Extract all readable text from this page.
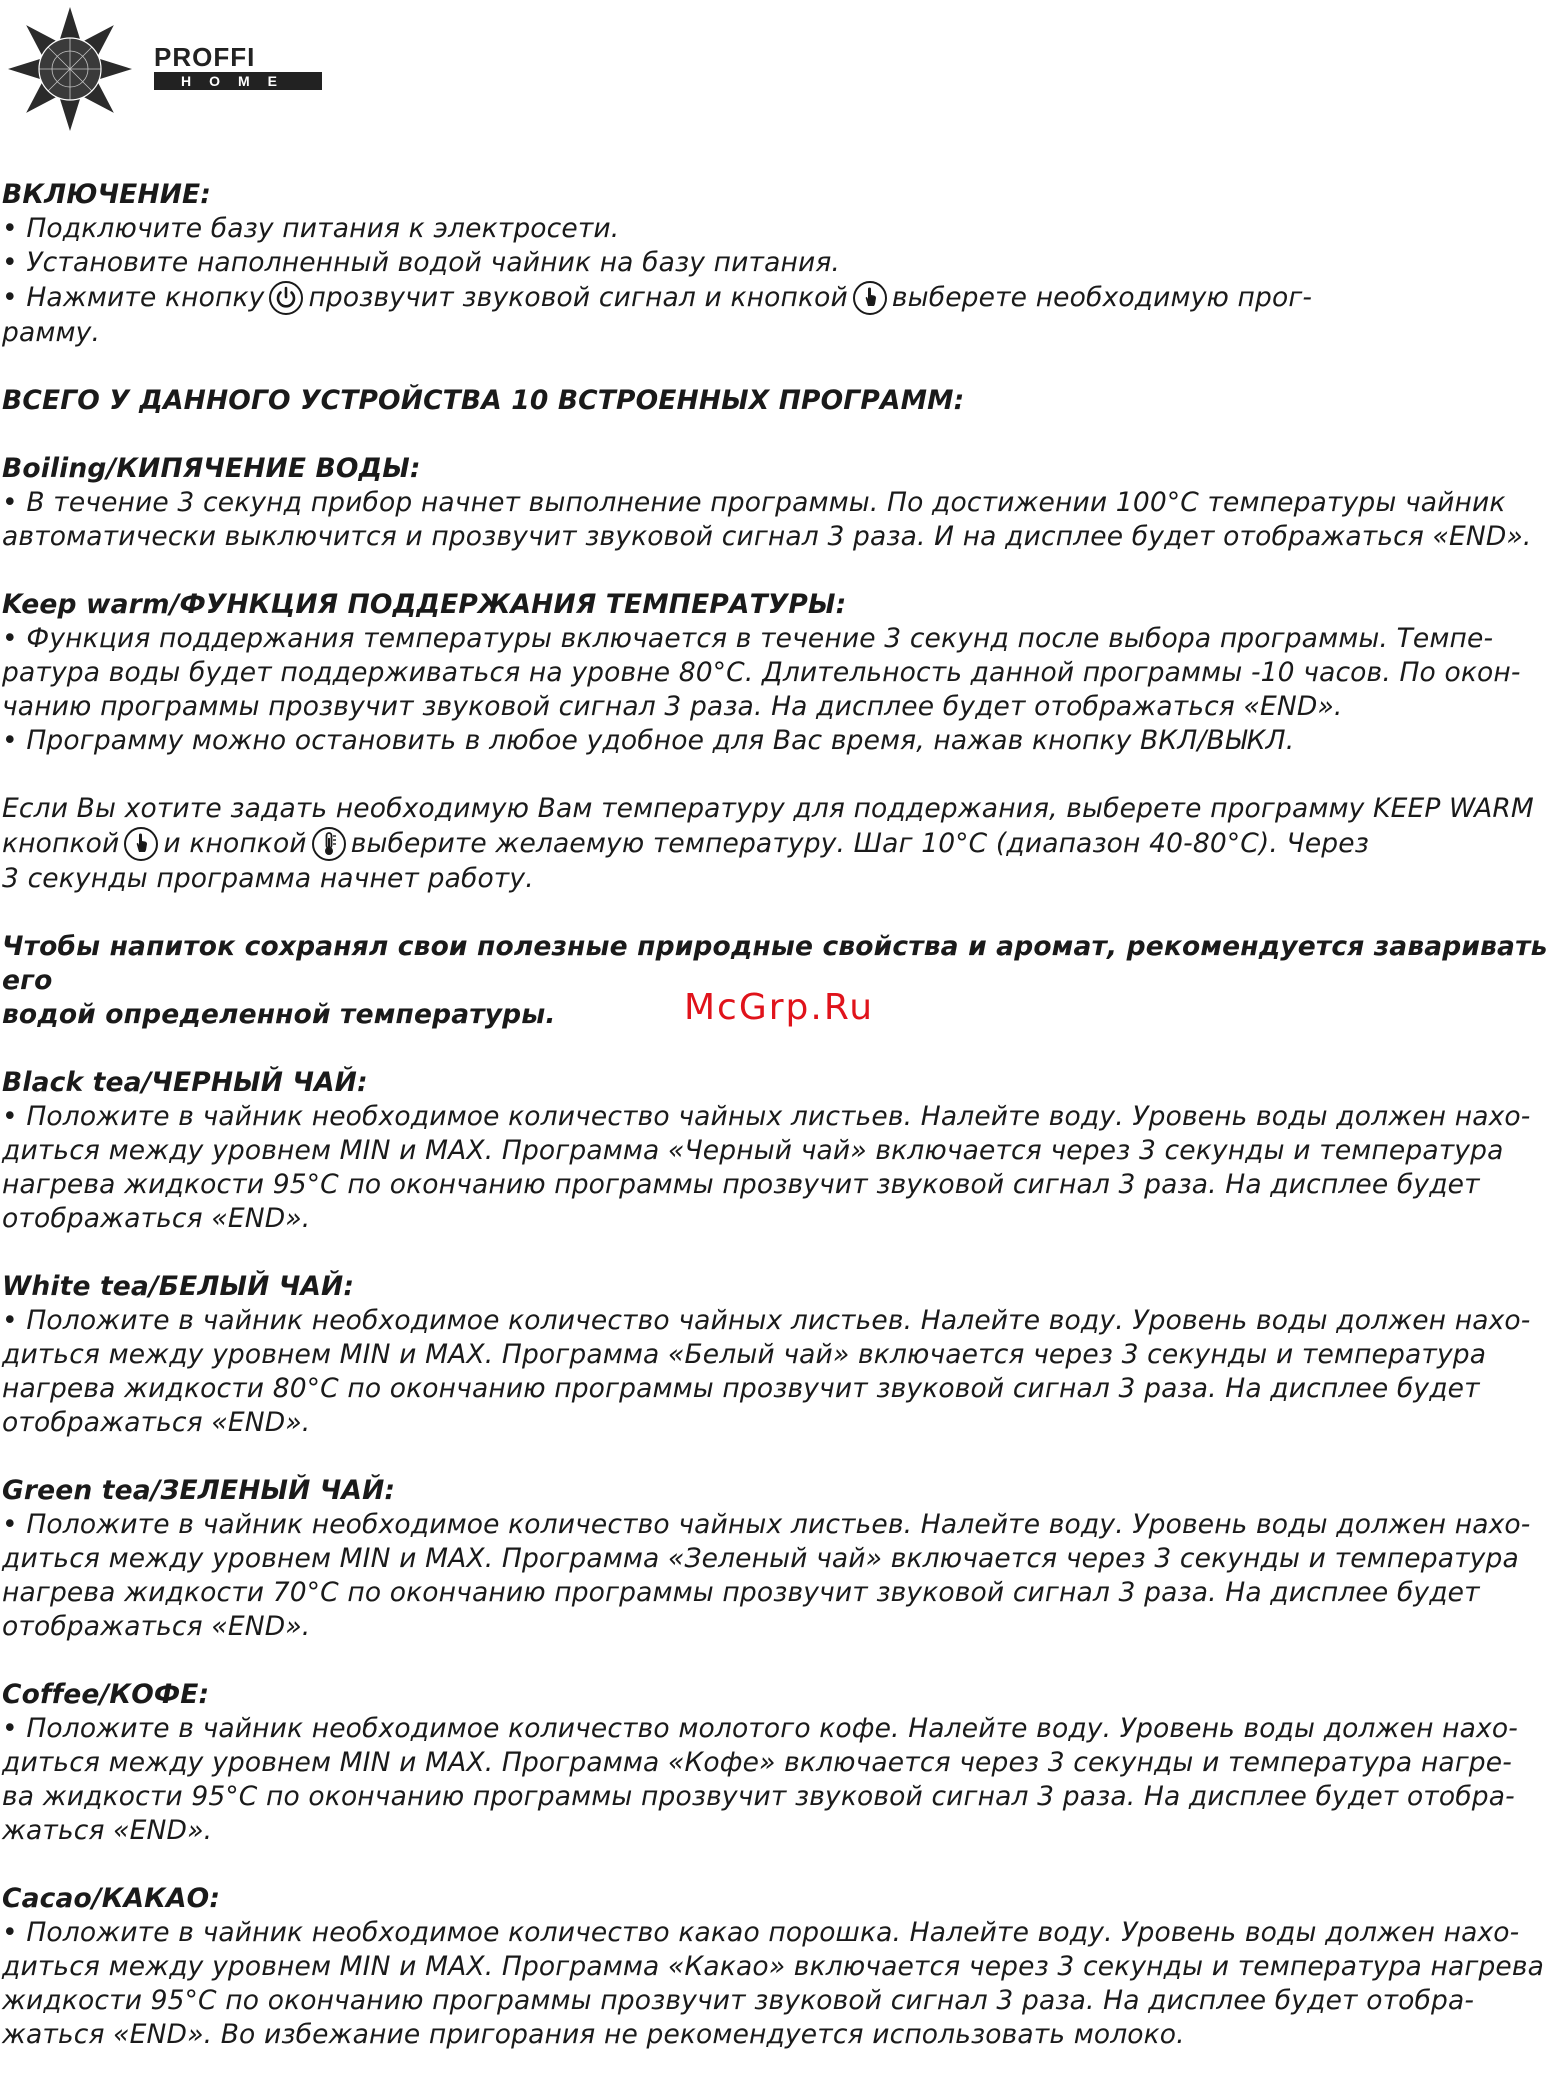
PROFFI
HOME
McGrp.Ru

ВКЛЮЧЕНИЕ:

• Подключите базу питания к электросети.

• Установите наполненный водой чайник на базу питания.

• Нажмите кнопку прозвучит звуковой сигнал и кнопкой выберете необходимую прог-

рамму.

ВСЕГО У ДАННОГО УСТРОЙСТВА 10 ВСТРОЕННЫХ ПРОГРАММ:

Boiling/КИПЯЧЕНИЕ ВОДЫ:

• В течение 3 секунд прибор начнет выполнение программы. По достижении 100°С температуры чайник

автоматически выключится и прозвучит звуковой сигнал 3 раза. И на дисплее будет отображаться «END».

Keep warm/ФУНКЦИЯ ПОДДЕРЖАНИЯ ТЕМПЕРАТУРЫ:

• Функция поддержания температуры включается в течение 3 секунд после выбора программы. Темпе-

ратура воды будет поддерживаться на уровне 80°С. Длительность данной программы -10 часов. По окон-

чанию программы прозвучит звуковой сигнал 3 раза. На дисплее будет отображаться «END».

• Программу можно остановить в любое удобное для Вас время, нажав кнопку ВКЛ/ВЫКЛ.

Если Вы хотите задать необходимую Вам температуру для поддержания, выберете программу KEEP WARM

кнопкой и кнопкой выберите желаемую температуру. Шаг 10°С (диапазон 40-80°С). Через

3 секунды программа начнет работу.

Чтобы напиток сохранял свои полезные природные свойства и аромат, рекомендуется заваривать его

водой определенной температуры.

Black tea/ЧЕРНЫЙ ЧАЙ:

• Положите в чайник необходимое количество чайных листьев. Налейте воду. Уровень воды должен нахо-

диться между уровнем MIN и MAX. Программа «Черный чай» включается через 3 секунды и температура

нагрева жидкости 95°С по окончанию программы прозвучит звуковой сигнал 3 раза. На дисплее будет

отображаться «END».

White tea/БЕЛЫЙ ЧАЙ:

• Положите в чайник необходимое количество чайных листьев. Налейте воду. Уровень воды должен нахо-

диться между уровнем MIN и MAX. Программа «Белый чай» включается через 3 секунды и температура

нагрева жидкости 80°С по окончанию программы прозвучит звуковой сигнал 3 раза. На дисплее будет

отображаться «END».

Green tea/ЗЕЛЕНЫЙ ЧАЙ:

• Положите в чайник необходимое количество чайных листьев. Налейте воду. Уровень воды должен нахо-

диться между уровнем MIN и MAX. Программа «Зеленый чай» включается через 3 секунды и температура

нагрева жидкости 70°С по окончанию программы прозвучит звуковой сигнал 3 раза. На дисплее будет

отображаться «END».

Coffee/КОФЕ:

• Положите в чайник необходимое количество молотого кофе. Налейте воду. Уровень воды должен нахо-

диться между уровнем MIN и MAX. Программа «Кофе» включается через 3 секунды и температура нагре-

ва жидкости 95°С по окончанию программы прозвучит звуковой сигнал 3 раза. На дисплее будет отобра-

жаться «END».

Cacao/КАКАО:

• Положите в чайник необходимое количество какао порошка. Налейте воду. Уровень воды должен нахо-

диться между уровнем MIN и MAX. Программа «Какао» включается через 3 секунды и температура нагрева

жидкости 95°С по окончанию программы прозвучит звуковой сигнал 3 раза. На дисплее будет отобра-

жаться «END». Во избежание пригорания не рекомендуется использовать молоко.
